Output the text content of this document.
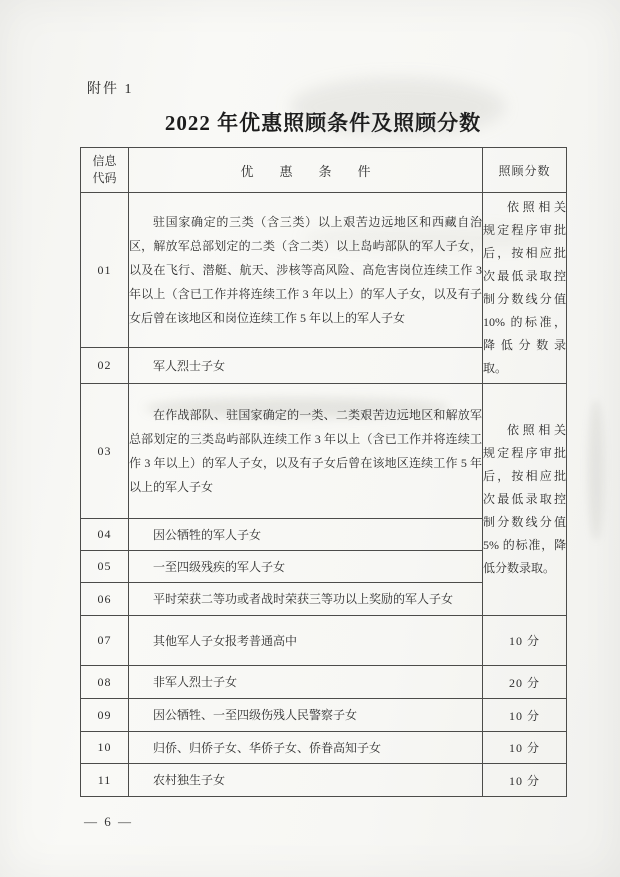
附件 1
2022 年优惠照顾条件及照顾分数
信息
代码	优　　惠　　条　　件	照顾分数
01	驻国家确定的三类（含三类）以上艰苦边远地区和西藏自治区，解放军总部划定的二类（含二类）以上岛屿部队的军人子女，以及在飞行、潜艇、航天、涉核等高风险、高危害岗位连续工作 3 年以上（含已工作并将连续工作 3 年以上）的军人子女，以及有子女后曾在该地区和岗位连续工作 5 年以上的军人子女	依照相关规定程序审批后，按相应批次最低录取控制分数线分值 10% 的标准，降低分数录取。
02	军人烈士子女	
03	在作战部队、驻国家确定的一类、二类艰苦边远地区和解放军总部划定的三类岛屿部队连续工作 3 年以上（含已工作并将连续工作 3 年以上）的军人子女，以及有子女后曾在该地区连续工作 5 年以上的军人子女	依照相关规定程序审批后，按相应批次最低录取控制分数线分值 5% 的标准，降低分数录取。
04	因公牺牲的军人子女	
05	一至四级残疾的军人子女	
06	平时荣获二等功或者战时荣获三等功以上奖励的军人子女	
07	其他军人子女报考普通高中	10 分
08	非军人烈士子女	20 分
09	因公牺牲、一至四级伤残人民警察子女	10 分
10	归侨、归侨子女、华侨子女、侨眷高知子女	10 分
11	农村独生子女	10 分
— 6 —
